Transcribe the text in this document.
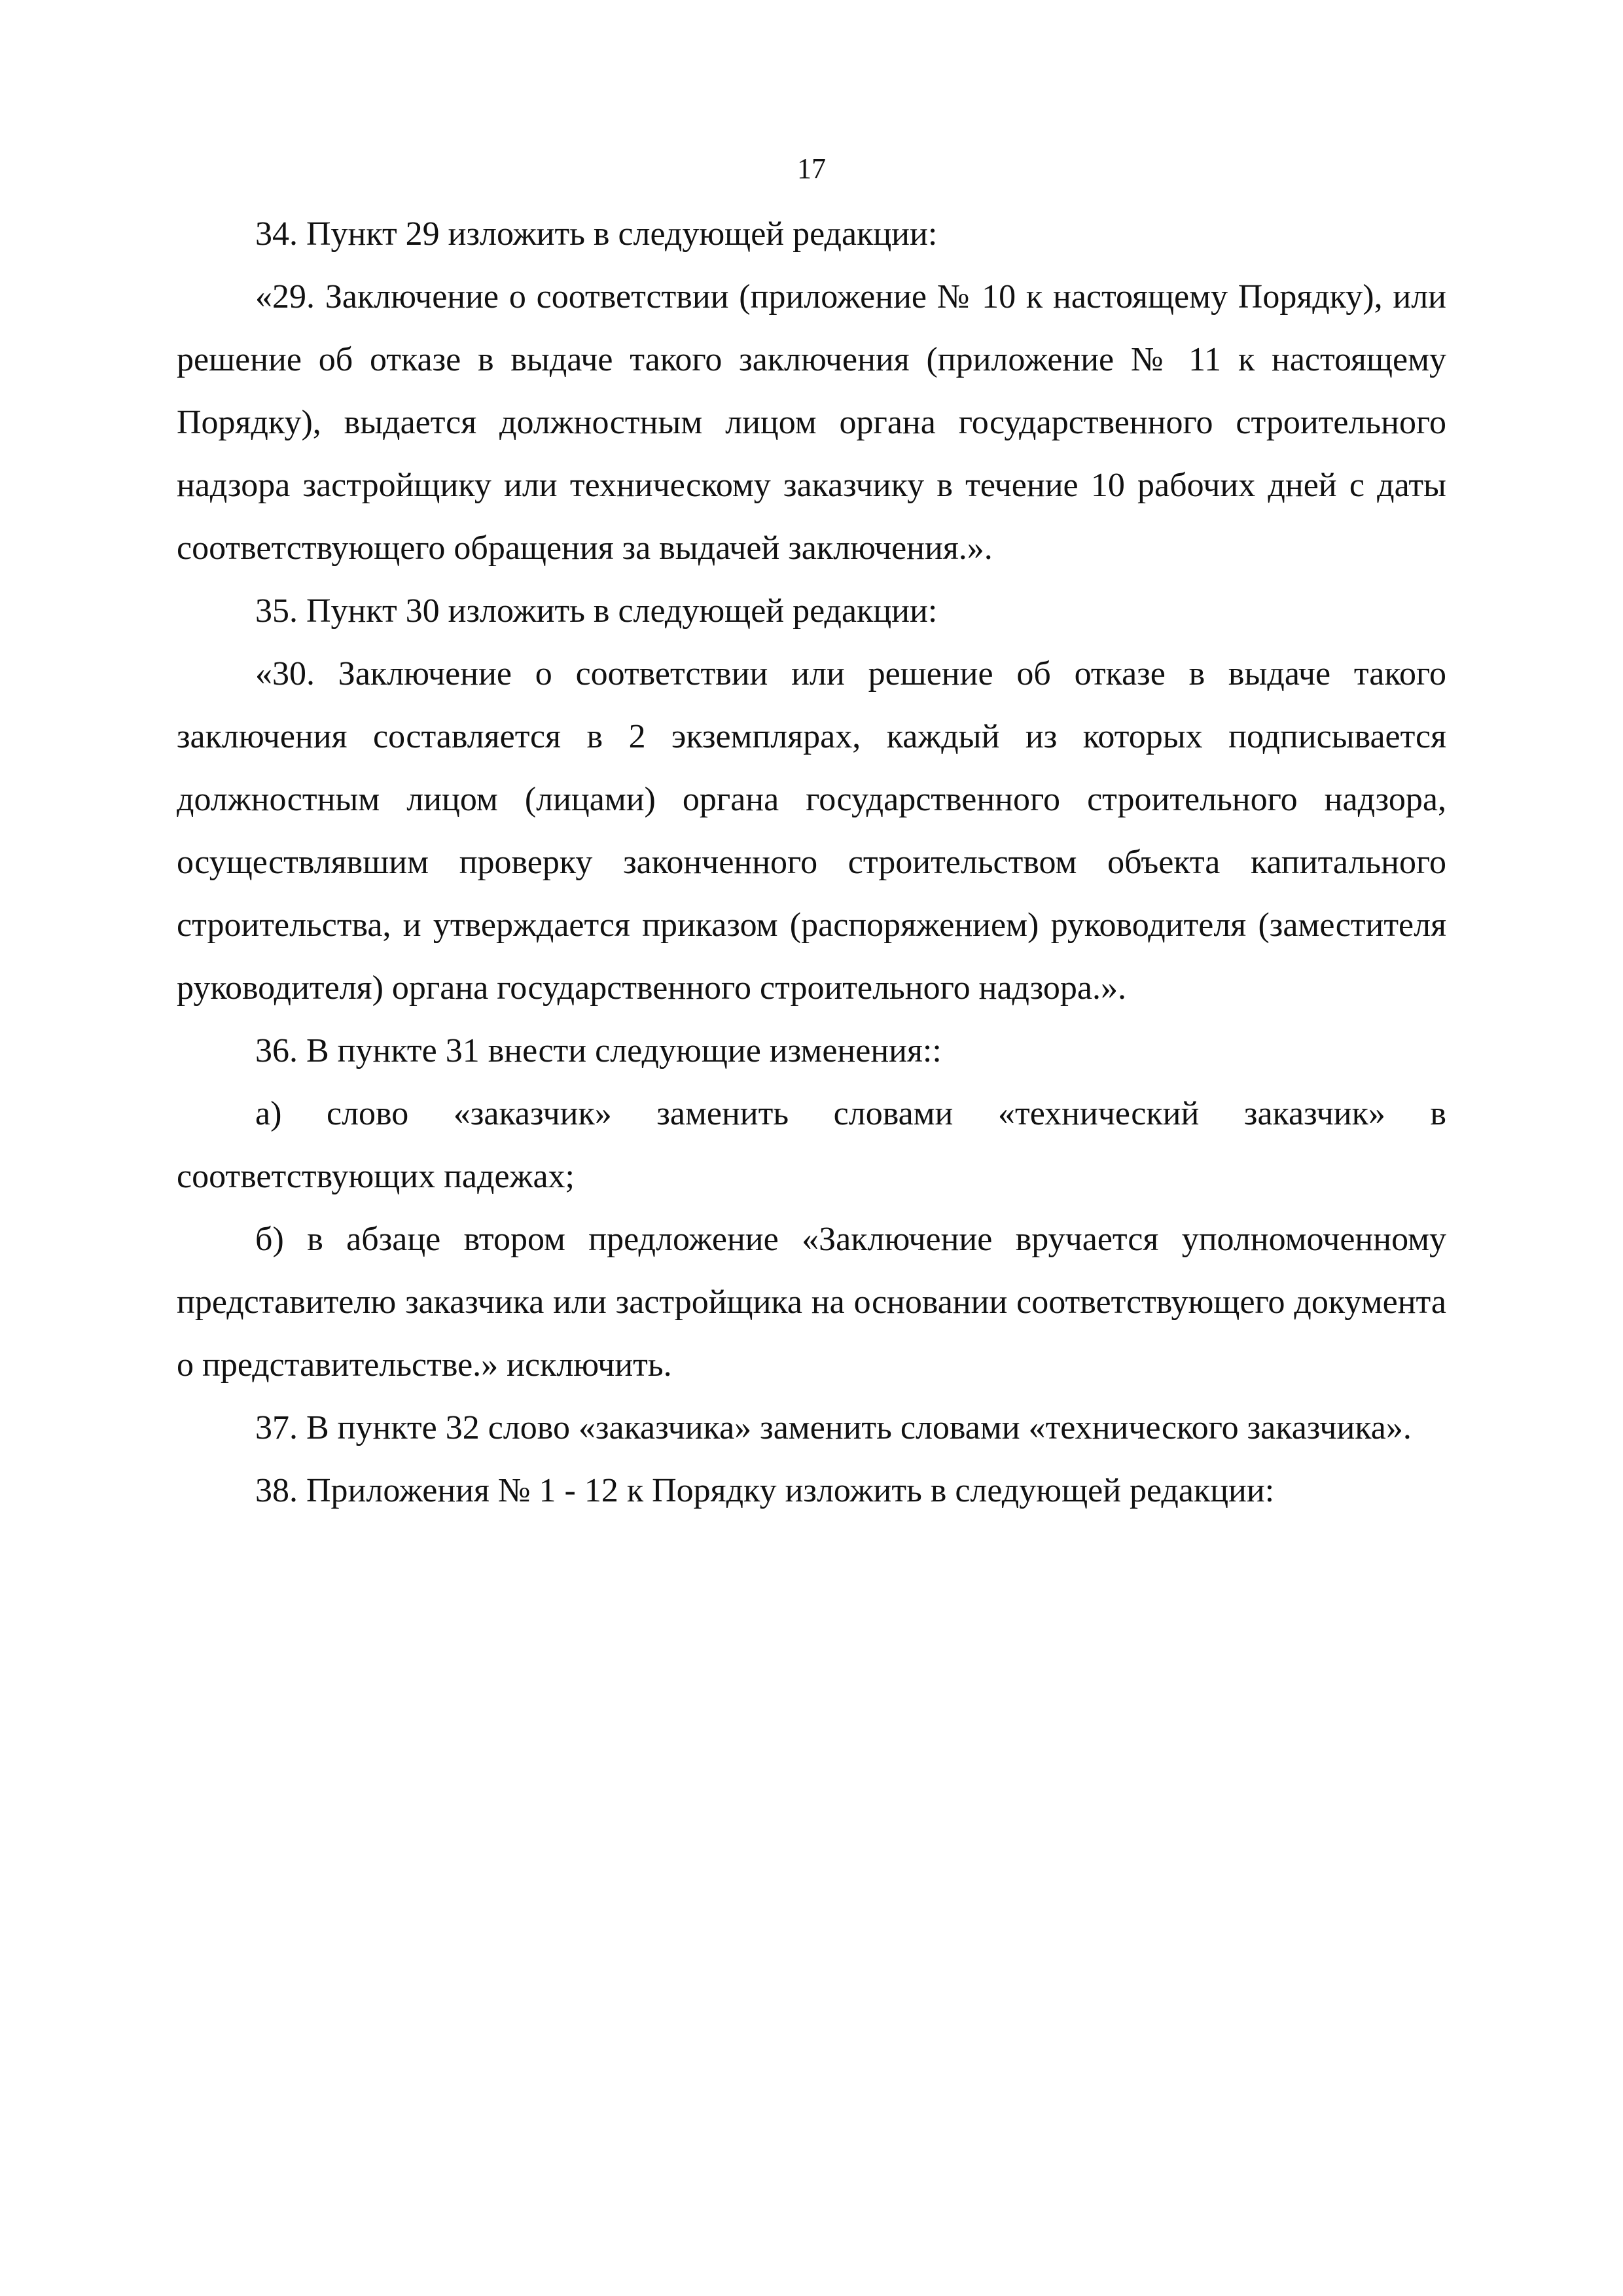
17

34. Пункт 29 изложить в следующей редакции:

«29. Заключение о соответствии (приложение № 10 к настоящему Порядку), или решение об отказе в выдаче такого заключения (приложение № 11 к настоящему Порядку), выдается должностным лицом органа государственного строительного надзора застройщику или техническому заказчику в течение 10 рабочих дней с даты соответствующего обращения за выдачей заключения.».

35. Пункт 30 изложить в следующей редакции:

«30. Заключение о соответствии или решение об отказе в выдаче такого заключения составляется в 2 экземплярах, каждый из которых подписывается должностным лицом (лицами) органа государственного строительного надзора, осуществлявшим проверку законченного строительством объекта капитального строительства, и утверждается приказом (распоряжением) руководителя (заместителя руководителя) органа государственного строительного надзора.».

36. В пункте 31 внести следующие изменения::

а) слово «заказчик» заменить словами «технический заказчик» в соответствующих падежах;

б) в абзаце втором предложение «Заключение вручается уполномоченному представителю заказчика или застройщика на основании соответствующего документа о представительстве.» исключить.

37. В пункте 32 слово «заказчика» заменить словами «технического заказчика».

38. Приложения № 1 - 12 к Порядку изложить в следующей редакции:
